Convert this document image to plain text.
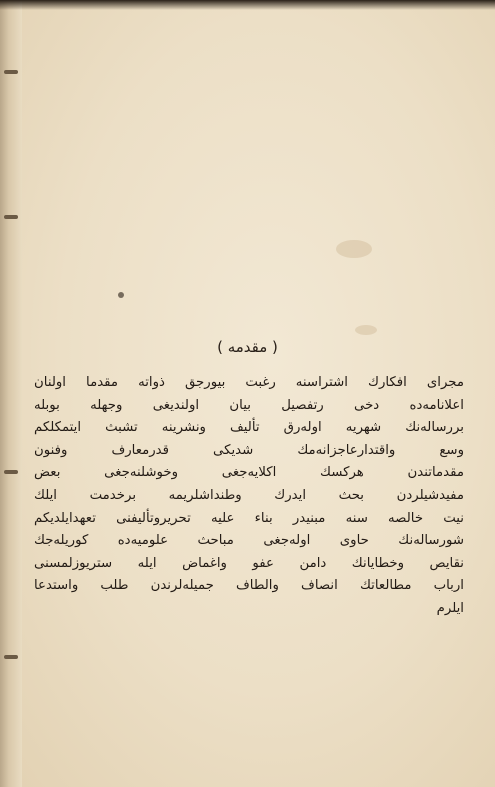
( مقدمه )
مجرای افکارك اشتراسنه رغبت بیورجق ذواته مقدما اولنان
اعلانامه‌ده دخی رتفصیل بیان اولندیغی وجهله بوبله
بررساله‌نك شهریه اوله‌رق تألیف ونشرینه تشبث ایتمکلکم
وسع واقتدارعاجزانه‌مك شدیکی قدرمعارف وفنون
مقدماتندن هرکسك اکلایه‌جغی وخوشلنه‌جغی بعض
مفیدشیلردن بحث ایدرك وطنداشلریمه برخدمت ایلك
نیت خالصه سنه مبنیدر بناء علیه تحریروتألیفنی تعهدایلدیکم
شورساله‌نك حاوی اوله‌جغی مباحث علومیه‌ده کوریله‌جك
نقایص وخطایانك دامن عفو واغماض ایله ستریوزلمسنی
ارباب مطالعاتك انصاف والطاف جمیله‌لرندن طلب واستدعا
ایلرم
